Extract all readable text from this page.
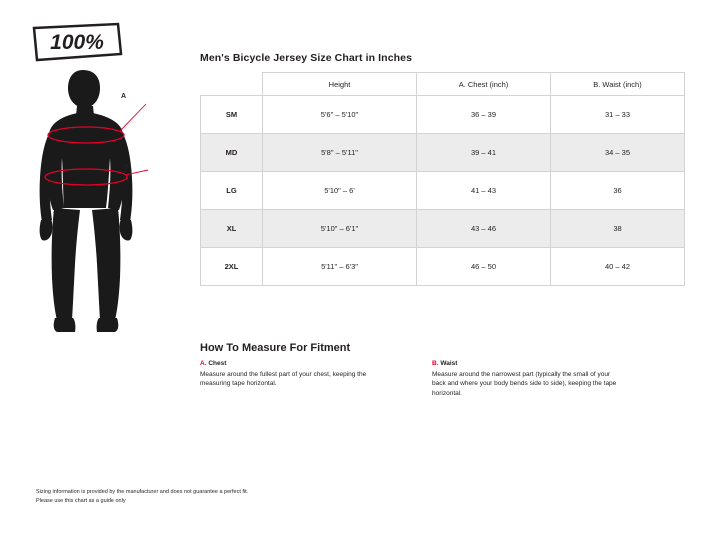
100%
A
B
Men's Bicycle Jersey Size Chart in Inches
	Height	A. Chest (inch)	B. Waist (inch)
SM	5'6" – 5'10"	36 – 39	31 – 33
MD	5'8" – 5'11"	39 – 41	34 – 35
LG	5'10" – 6'	41 – 43	36
XL	5'10" – 6'1"	43 – 46	38
2XL	5'11" – 6'3"	46 – 50	40 – 42
How To Measure For Fitment

A. Chest

Measure around the fullest part of your chest, keeping the measuring tape horizontal.

B. Waist

Measure around the narrowest part (typically the small of your back and where your body bends side to side), keeping the tape horizontal.

Sizing information is provided by the manufacturer and does not guarantee a perfect fit.

Please use this chart as a guide only
